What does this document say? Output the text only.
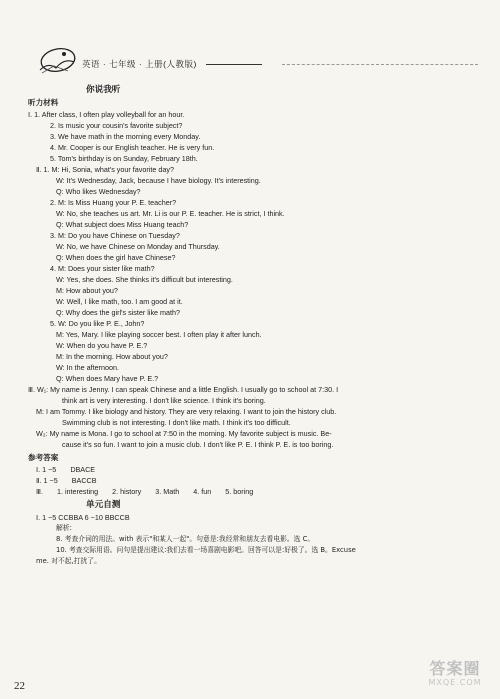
英语 · 七年级 · 上册(人教版)
你说我听
听力材料
Ⅰ. 1. After class, I often play volleyball for an hour.
2. Is music your cousin's favorite subject?
3. We have math in the morning every Monday.
4. Mr. Cooper is our English teacher. He is very fun.
5. Tom's birthday is on Sunday, February 18th.
Ⅱ. 1. M: Hi, Sonia, what's your favorite day?
W: It's Wednesday, Jack, because I have biology. It's interesting.
Q: Who likes Wednesday?
2. M: Is Miss Huang your P. E. teacher?
W: No, she teaches us art. Mr. Li is our P. E. teacher. He is strict, I think.
Q: What subject does Miss Huang teach?
3. M: Do you have Chinese on Tuesday?
W: No, we have Chinese on Monday and Thursday.
Q: When does the girl have Chinese?
4. M: Does your sister like math?
W: Yes, she does. She thinks it's difficult but interesting.
M: How about you?
W: Well, I like math, too. I am good at it.
Q: Why does the girl's sister like math?
5. W: Do you like P. E., John?
M: Yes, Mary. I like playing soccer best. I often play it after lunch.
W: When do you have P. E.?
M: In the morning. How about you?
W: In the afternoon.
Q: When does Mary have P. E.?
Ⅲ. W₁: My name is Jenny. I can speak Chinese and a little English. I usually go to school at 7:30. I
think art is very interesting. I don't like science. I think it's boring.
M: I am Tommy. I like biology and history. They are very relaxing. I want to join the history club.
Swimming club is not interesting. I don't like math. I think it's too difficult.
W₂: My name is Mona. I go to school at 7:50 in the morning. My favorite subject is music. Be-
cause it's so fun. I want to join a music club. I don't like P. E. I think P. E. is too boring.
参考答案
Ⅰ. 1 ~5 DBACE
Ⅱ. 1 ~5 BACCB
Ⅲ. 1. interesting 2. history 3. Math 4. fun 5. boring
单元自测
Ⅰ. 1 ~5 CCBBA 6 ~10 BBCCB
解析:
8. 考查介词的用法。with 表示"和某人一起"。句意是:我经常和朋友去看电影。选 C。
10. 考查交际用语。问句是提出建议:我们去看一场喜剧电影吧。回答可以是:好极了。选 B。Excuse
me. 对不起,打扰了。
22
答案圈
MXQE.COM
